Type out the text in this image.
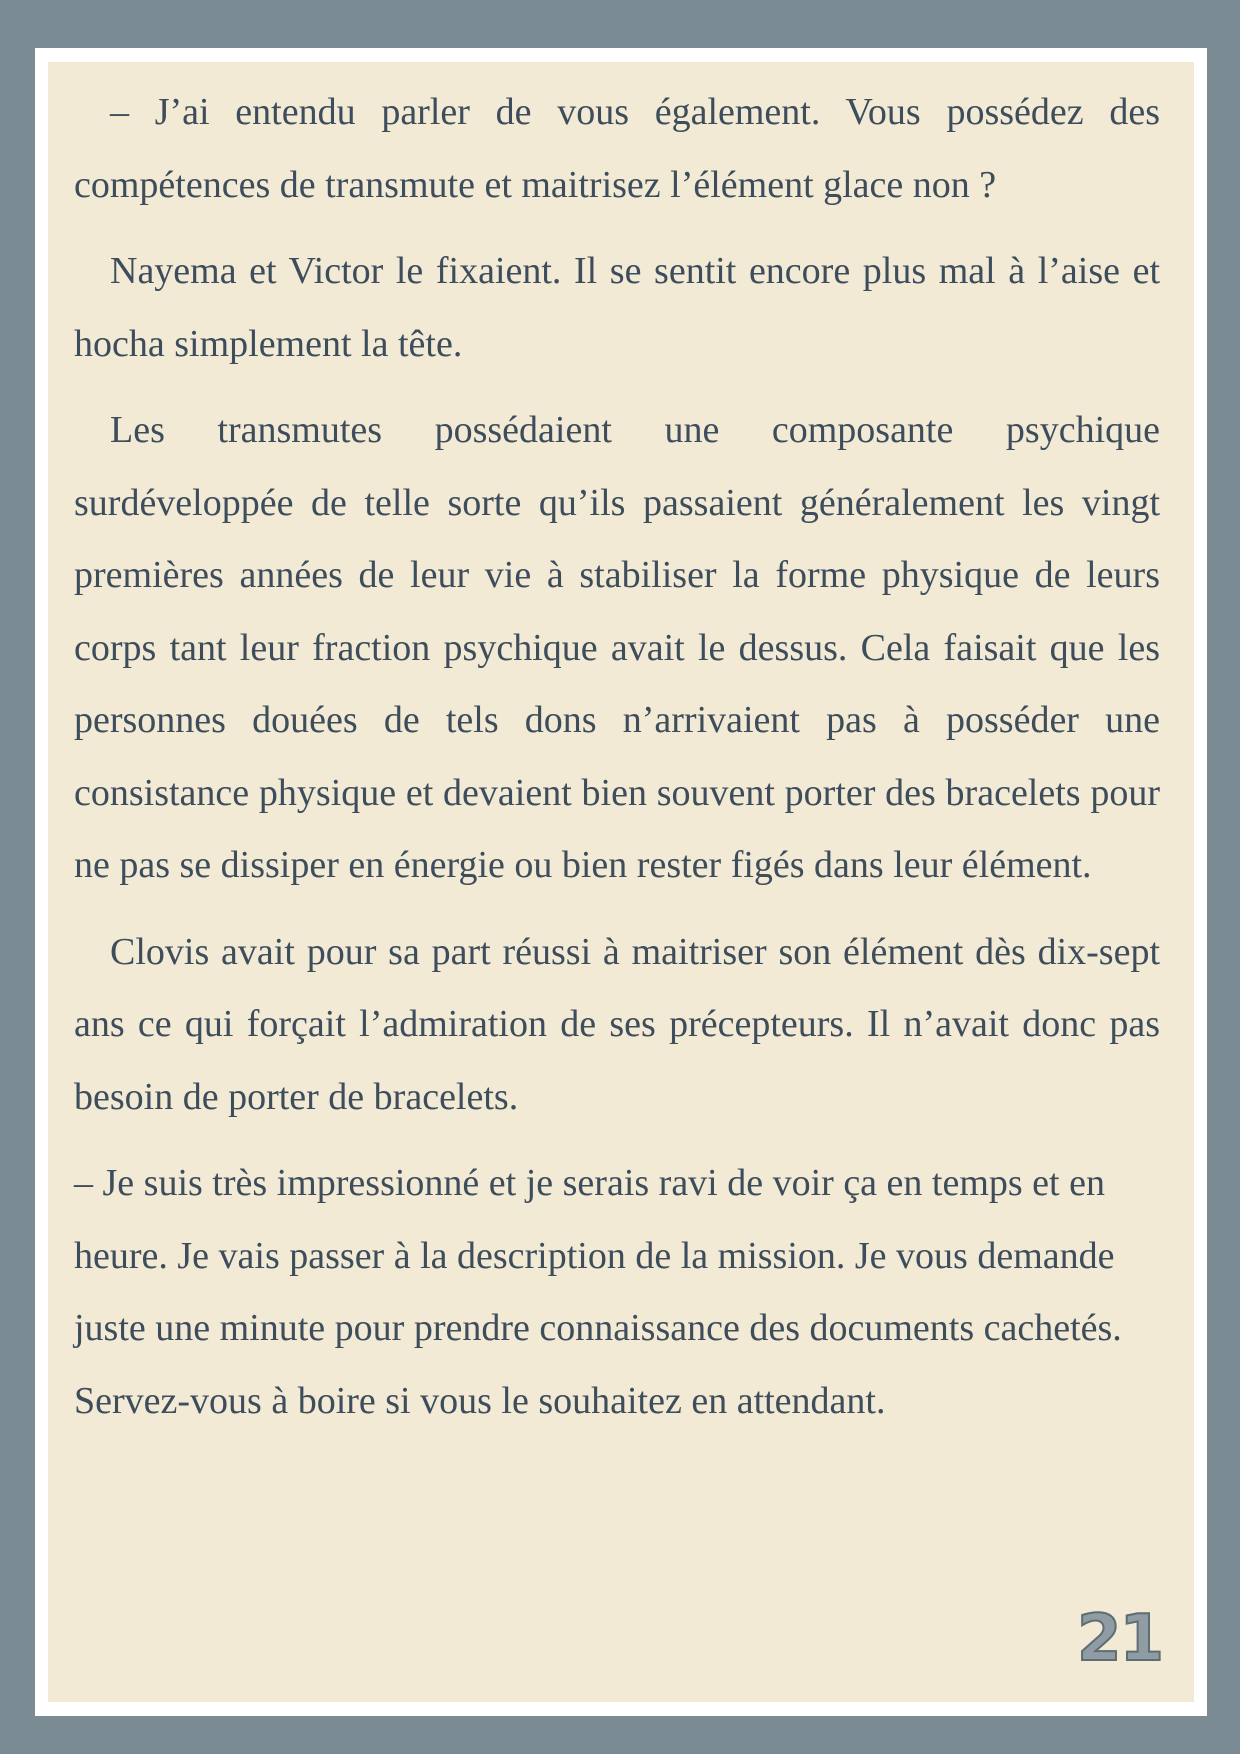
– J’ai entendu parler de vous également. Vous possédez des compétences de transmute et maitrisez l’élément glace non ?

Nayema et Victor le fixaient. Il se sentit encore plus mal à l’aise et hocha simplement la tête.

Les transmutes possédaient une composante psychique surdéveloppée de telle sorte qu’ils passaient généralement les vingt premières années de leur vie à stabiliser la forme physique de leurs corps tant leur fraction psychique avait le dessus. Cela faisait que les personnes douées de tels dons n’arrivaient pas à posséder une consistance physique et devaient bien souvent porter des bracelets pour ne pas se dissiper en énergie ou bien rester figés dans leur élément.

Clovis avait pour sa part réussi à maitriser son élément dès dix-sept ans ce qui forçait l’admiration de ses précepteurs. Il n’avait donc pas besoin de porter de bracelets.

– Je suis très impressionné et je serais ravi de voir ça en temps et en heure. Je vais passer à la description de la mission. Je vous demande juste une minute pour prendre connaissance des documents cachetés. Servez-vous à boire si vous le souhaitez en attendant.

21
